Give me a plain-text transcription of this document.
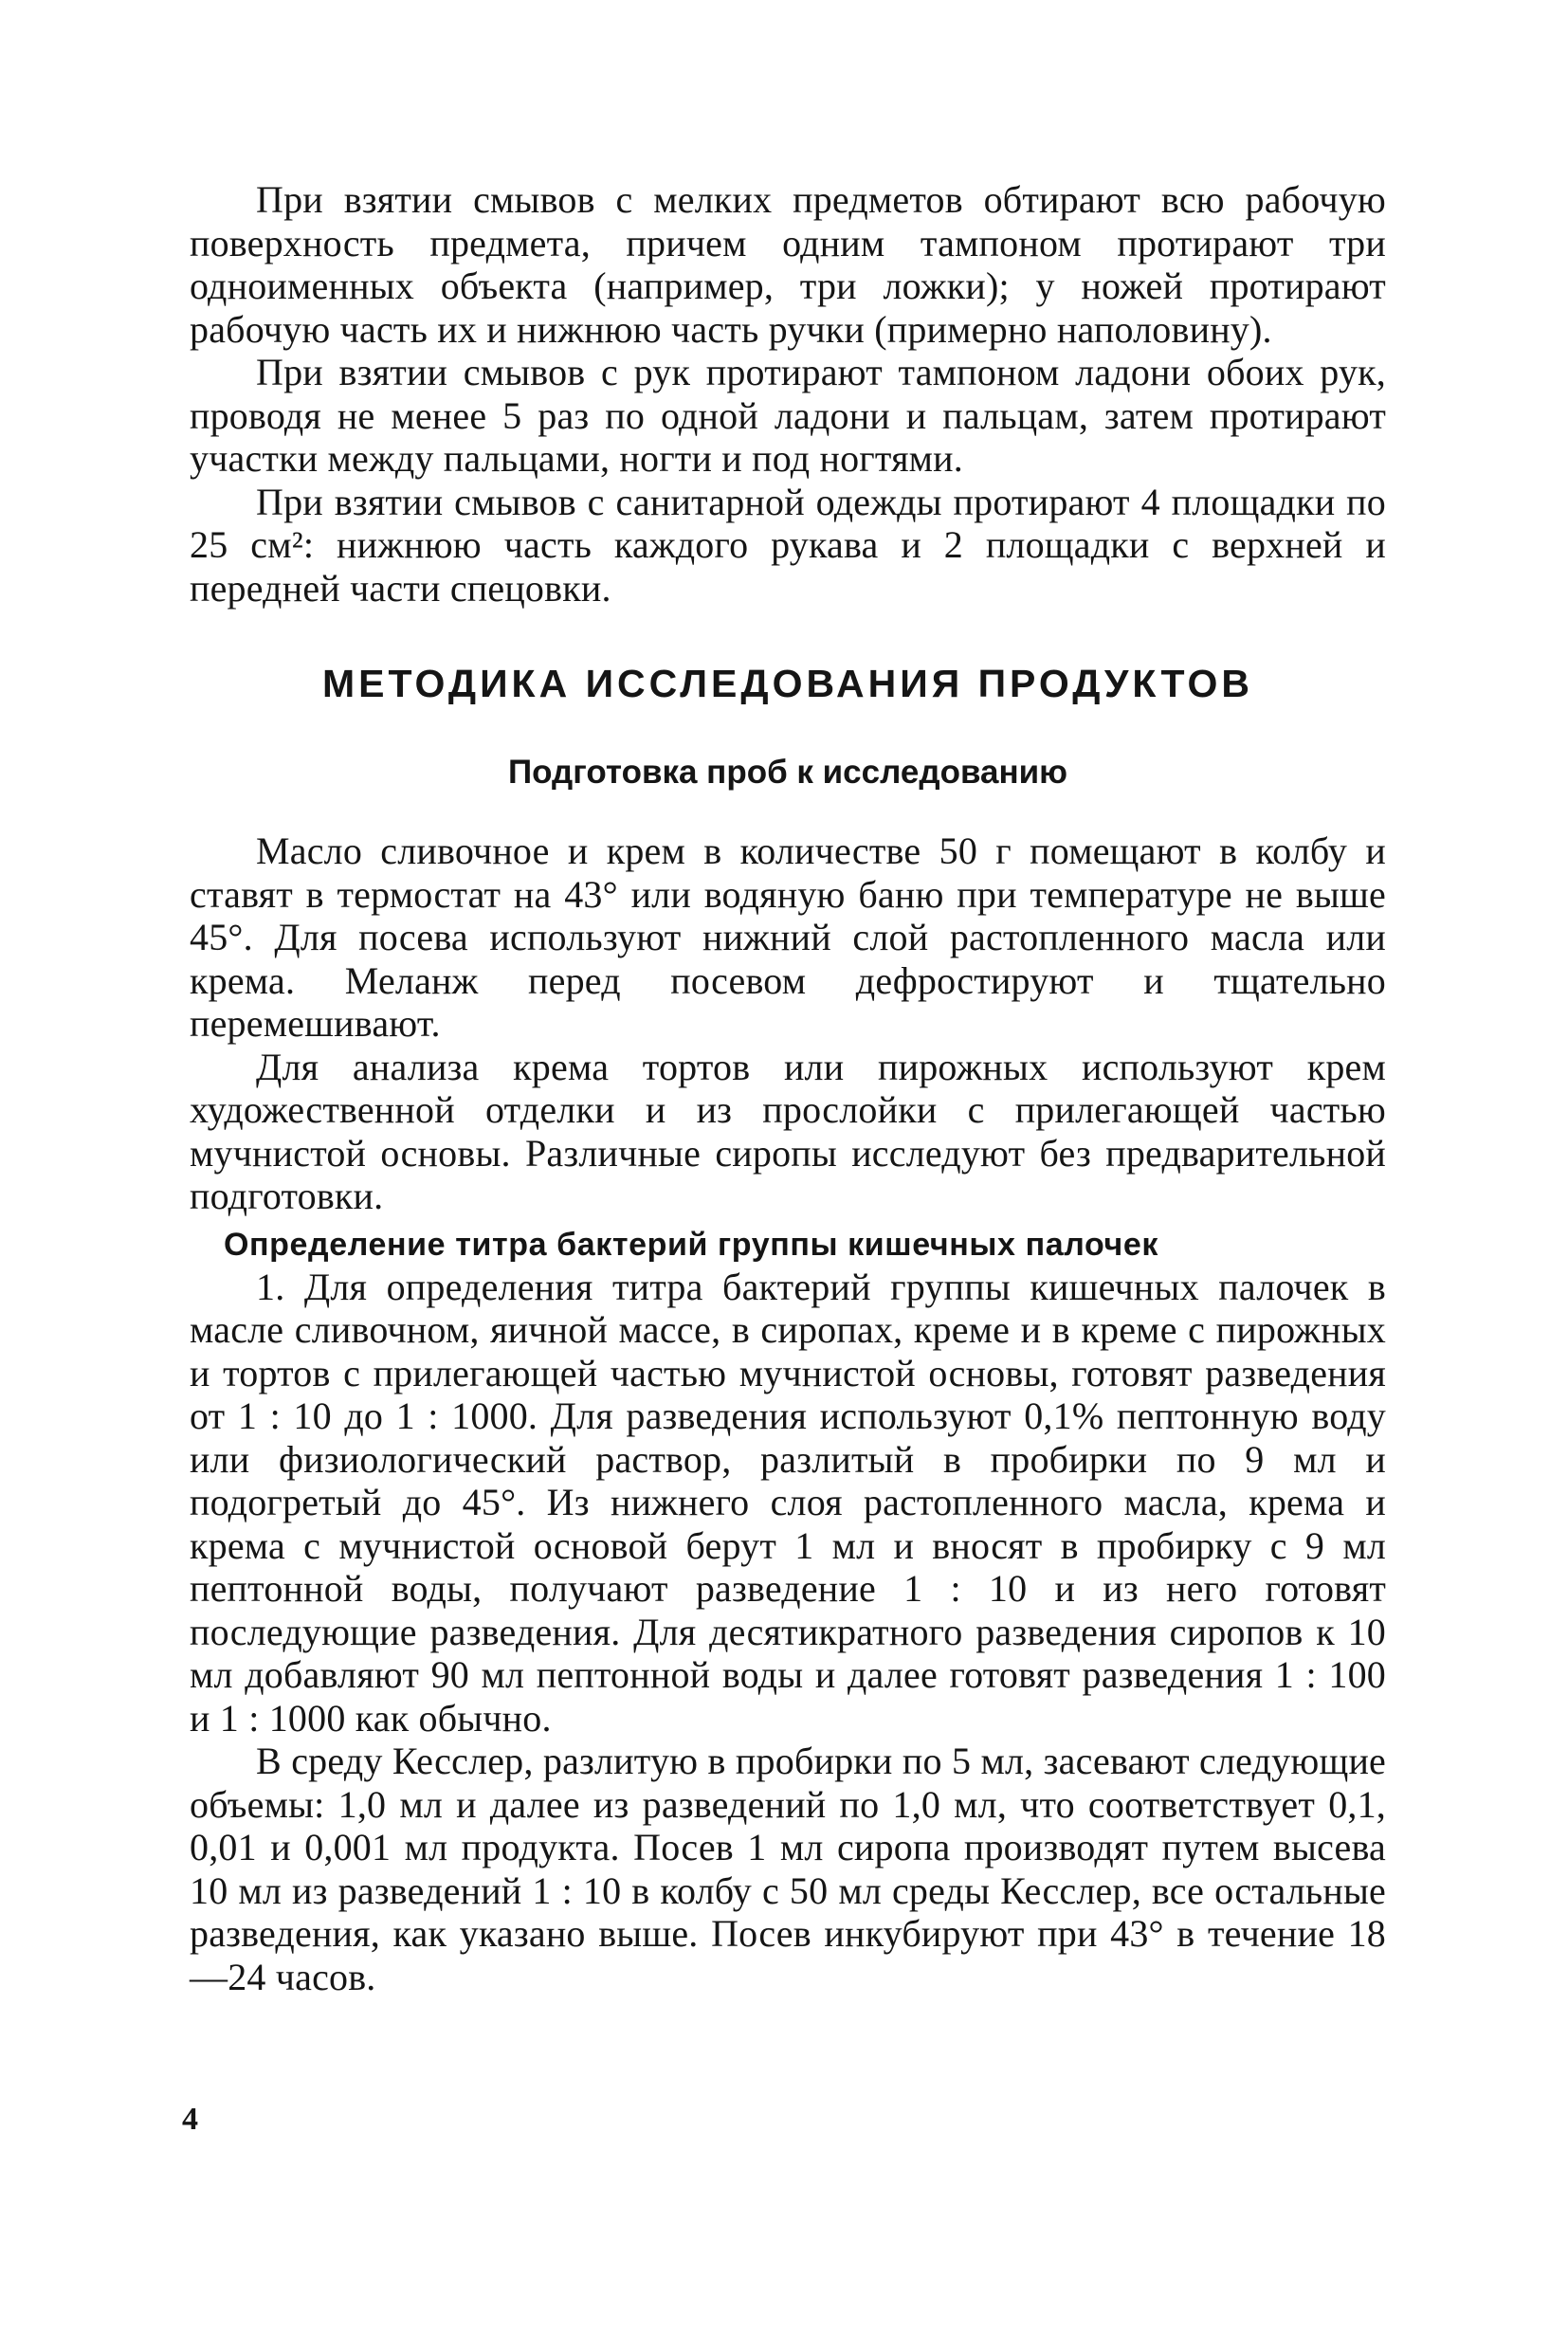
При взятии смывов с мелких предметов обтирают всю рабочую поверхность предмета, причем одним тампоном протирают три одноименных объекта (например, три ложки); у ножей протирают рабочую часть их и нижнюю часть ручки (примерно наполовину).

При взятии смывов с рук протирают тампоном ладони обоих рук, проводя не менее 5 раз по одной ладони и пальцам, затем протирают участки между пальцами, ногти и под ногтями.

При взятии смывов с санитарной одежды протирают 4 площадки по 25 см²: нижнюю часть каждого рукава и 2 площадки с верхней и передней части спецовки.

МЕТОДИКА ИССЛЕДОВАНИЯ ПРОДУКТОВ
Подготовка проб к исследованию

Масло сливочное и крем в количестве 50 г помещают в колбу и ставят в термостат на 43° или водяную баню при температуре не выше 45°. Для посева используют нижний слой растопленного масла или крема. Меланж перед посевом дефростируют и тщательно перемешивают.

Для анализа крема тортов или пирожных используют крем художественной отделки и из прослойки с прилегающей частью мучнистой основы. Различные сиропы исследуют без предварительной подготовки.

Определение титра бактерий группы кишечных палочек

1. Для определения титра бактерий группы кишечных палочек в масле сливочном, яичной массе, в сиропах, креме и в креме с пирожных и тортов с прилегающей частью мучнистой основы, готовят разведения от 1 : 10 до 1 : 1000. Для разведения используют 0,1% пептонную воду или физиологический раствор, разлитый в пробирки по 9 мл и подогретый до 45°. Из нижнего слоя растопленного масла, крема и крема с мучнистой основой берут 1 мл и вносят в пробирку с 9 мл пептонной воды, получают разведение 1 : 10 и из него готовят последующие разведения. Для десятикратного разведения сиропов к 10 мл добавляют 90 мл пептонной воды и далее готовят разведения 1 : 100 и 1 : 1000 как обычно.

В среду Кесслер, разлитую в пробирки по 5 мл, засевают следующие объемы: 1,0 мл и далее из разведений по 1,0 мл, что соответствует 0,1, 0,01 и 0,001 мл продукта. Посев 1 мл сиропа производят путем высева 10 мл из разведений 1 : 10 в колбу с 50 мл среды Кесслер, все остальные разведения, как указано выше. Посев инкубируют при 43° в течение 18—24 часов.

4
